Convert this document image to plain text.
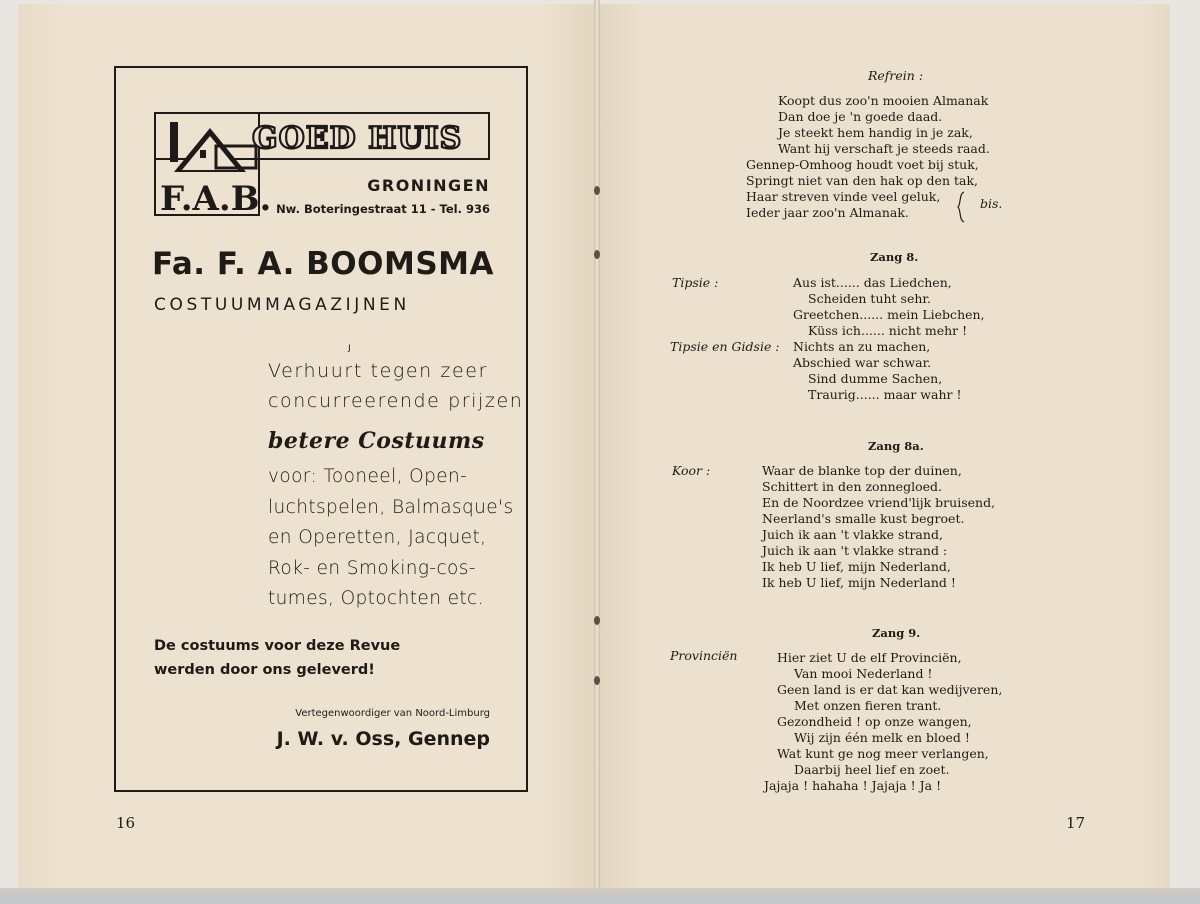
GOED HUIS
F.A.B.	GRONINGEN
Nw. Boteringestraat 11 - Tel. 936
Fa. F. A. BOOMSMA
COSTUUMMAGAZIJNEN
ȷ
Verhuurt tegen zeer
concurreerende prijzen
betere Costuums
voor: Tooneel, Open-
luchtspelen, Balmasque's
en Operetten, Jacquet,
Rok- en Smoking-cos-
tumes, Optochten etc.
De costuums voor deze Revue
werden door ons geleverd!
Vertegenwoordiger van Noord-Limburg
J. W. v. Oss, Gennep
16
Refrein :
Koopt dus zoo'n mooien Almanak
Dan doe je 'n goede daad.
Je steekt hem handig in je zak,
Want hij verschaft je steeds raad.
Gennep-Omhoog houdt voet bij stuk,
Springt niet van den hak op den tak,
Haar streven vinde veel geluk,
Ieder jaar zoo'n Almanak.
bis.
Zang 8.
Tipsie :	Aus ist...... das Liedchen,
Scheiden tuht sehr.
Greetchen...... mein Liebchen,
Küss ich...... nicht mehr !
Tipsie en Gidsie : Nichts an zu machen,
Abschied war schwar.
Sind dumme Sachen,
Traurig...... maar wahr !
Zang 8a.
Koor :	Waar de blanke top der duinen,
Schittert in den zonnegloed.
En de Noordzee vriend'lijk bruisend,
Neerland's smalle kust begroet.
Juich ik aan 't vlakke strand,
Juich ik aan 't vlakke strand :
Ik heb U lief, mijn Nederland,
Ik heb U lief, mijn Nederland !
Zang 9.
Provinciën	Hier ziet U de elf Provinciën,
Van mooi Nederland !
Geen land is er dat kan wedijveren,
Met onzen fieren trant.
Gezondheid ! op onze wangen,
Wij zijn één melk en bloed !
Wat kunt ge nog meer verlangen,
Daarbij heel lief en zoet.
Jajaja ! hahaha ! Jajaja ! Ja !
17
